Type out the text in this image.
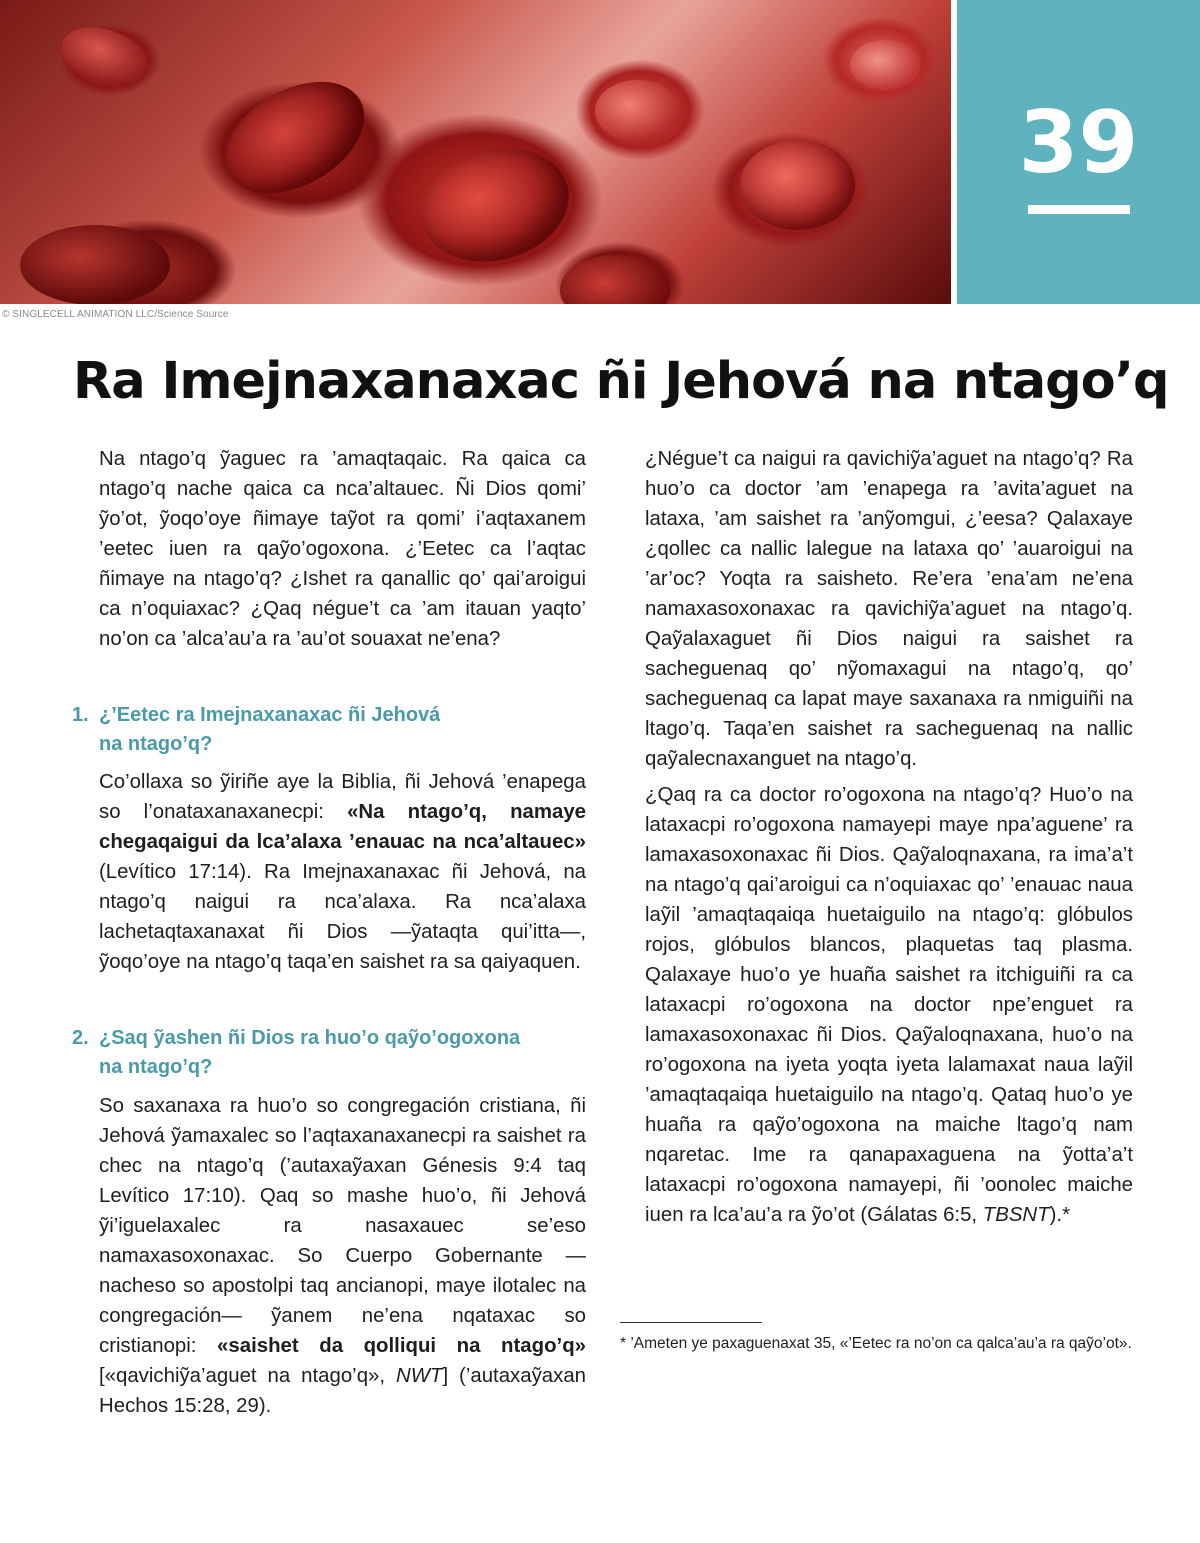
39
© SINGLECELL ANIMATION LLC/Science Source
Ra Imejnaxanaxac ñi Jehová na ntago’q

Na ntago’q ỹaguec ra ’amaqtaqaic. Ra qaica ca ntago’q nache qaica ca nca’altauec. Ñi Dios qomi’ ỹo’ot, ỹoqo’oye ñimaye taỹot ra qomi’ i’aqtaxanem ’eetec iuen ra qaỹo’ogoxona. ¿’Eetec ca l’aqtac ñimaye na ntago’q? ¿Ishet ra qanallic qo’ qai’aroigui ca n’oquiaxac? ¿Qaq négue’t ca ’am itauan yaqto’ no’on ca ’alca’au’a ra ’au’ot souaxat ne’ena?

1. ¿’Eetec ra Imejnaxanaxac ñi Jehová
na ntago’q?

Co’ollaxa so ỹiriñe aye la Biblia, ñi Jehová ’enapega so l’onataxanaxanecpi: «Na ntago’q, namaye chegaqaigui da lca’alaxa ’enauac na nca’altauec» (Levítico 17:14). Ra Imejnaxanaxac ñi Jehová, na ntago’q naigui ra nca’alaxa. Ra nca’alaxa lachetaqtaxanaxat ñi Dios —ỹataqta qui’itta—, ỹoqo’oye na ntago’q taqa’en saishet ra sa qaiyaquen.

2. ¿Saq ỹashen ñi Dios ra huo’o qaỹo’ogoxona
na ntago’q?

So saxanaxa ra huo’o so congregación cristiana, ñi Jehová ỹamaxalec so l’aqtaxanaxanecpi ra saishet ra chec na ntago’q (’autaxaỹaxan Génesis 9:4 taq Levítico 17:10). Qaq so mashe huo’o, ñi Jehová ỹi’iguelaxalec ra nasaxauec se’eso namaxasoxonaxac. So Cuerpo Gobernante —nacheso so apostolpi taq ancianopi, maye ilotalec na congregación— ỹanem ne’ena nqataxac so cristianopi: «saishet da qolliqui na ntago’q» [«qavichiỹa’aguet na ntago’q», NWT] (’autaxaỹaxan Hechos 15:28, 29).

¿Négue’t ca naigui ra qavichiỹa’aguet na ntago’q? Ra huo’o ca doctor ’am ’enapega ra ’avita’aguet na lataxa, ’am saishet ra ’anỹomgui, ¿’eesa? Qalaxaye ¿qollec ca nallic lalegue na lataxa qo’ ’auaroigui na ’ar’oc? Yoqta ra saisheto. Re’era ’ena’am ne’ena namaxasoxonaxac ra qavichiỹa’aguet na ntago’q. Qaỹalaxaguet ñi Dios naigui ra saishet ra sacheguenaq qo’ nỹomaxagui na ntago’q, qo’ sacheguenaq ca lapat maye saxanaxa ra nmiguiñi na ltago’q. Taqa’en saishet ra sacheguenaq na nallic qaỹalecnaxanguet na ntago’q.

¿Qaq ra ca doctor ro’ogoxona na ntago’q? Huo’o na lataxacpi ro’ogoxona namayepi maye npa’aguene’ ra lamaxasoxonaxac ñi Dios. Qaỹaloqnaxana, ra ima’a’t na ntago’q qai’aroigui ca n’oquiaxac qo’ ’enauac naua laỹil ’amaqtaqaiqa huetaiguilo na ntago’q: glóbulos rojos, glóbulos blancos, plaquetas taq plasma. Qalaxaye huo’o ye huaña saishet ra itchiguiñi ra ca lataxacpi ro’ogoxona na doctor npe’enguet ra lamaxasoxonaxac ñi Dios. Qaỹaloqnaxana, huo’o na ro’ogoxona na iyeta yoqta iyeta lalamaxat naua laỹil ’amaqtaqaiqa huetaiguilo na ntago’q. Qataq huo’o ye huaña ra qaỹo’ogoxona na maiche ltago’q nam nqaretac. Ime ra qanapaxaguena na ỹotta’a’t lataxacpi ro’ogoxona namayepi, ñi ’oonolec maiche iuen ra lca’au’a ra ỹo’ot (Gálatas 6:5, TBSNT).*

* ’Ameten ye paxaguenaxat 35, «’Eetec ra no’on ca qalca’au’a ra qaỹo’ot».
